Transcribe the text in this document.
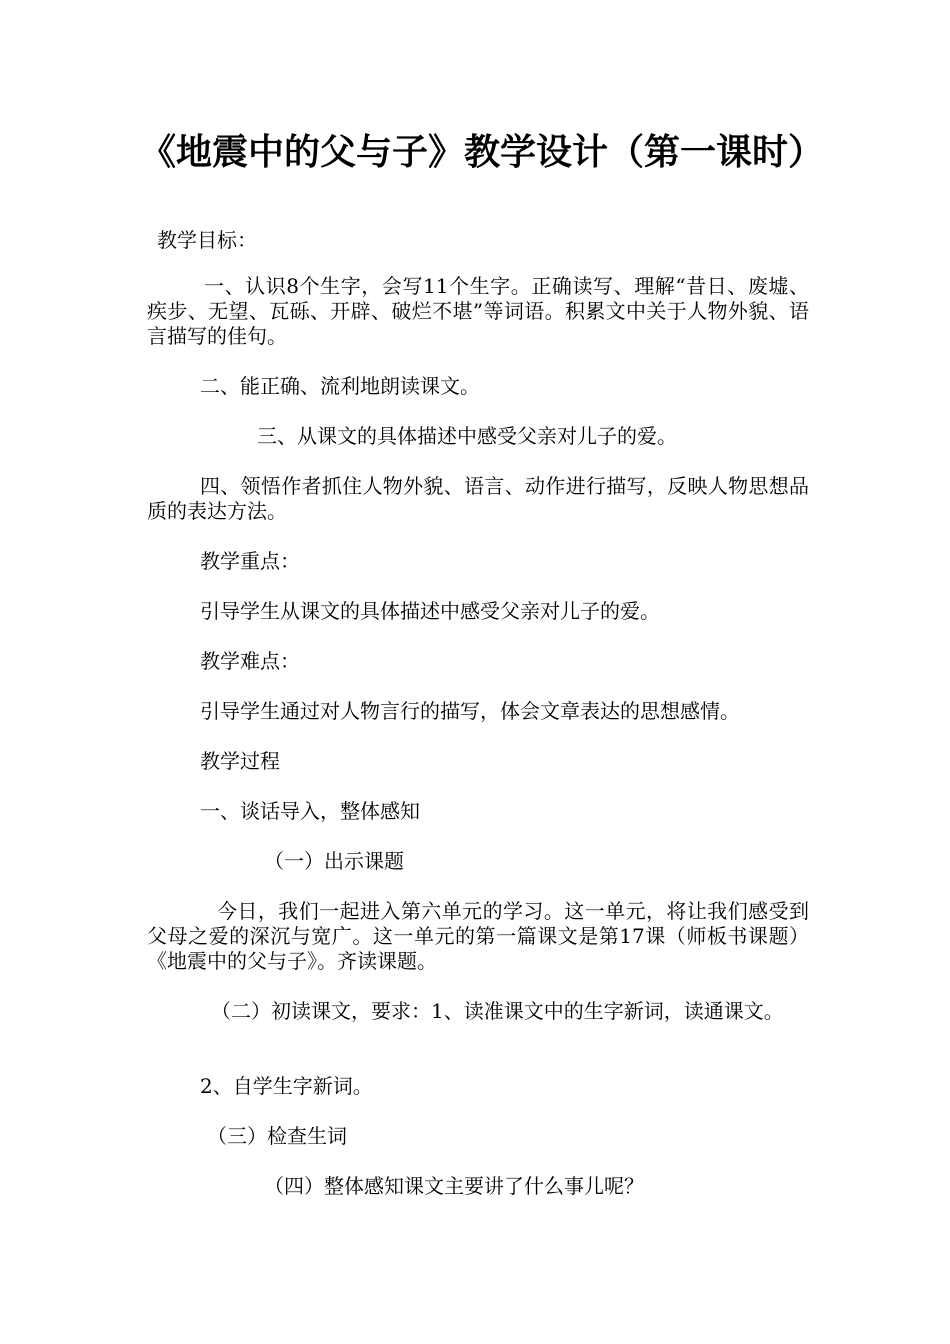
《地震中的父与子》教学设计（第一课时）

教学目标：

一、认识8个生字，会写11个生字。正确读写、理解“昔日、废墟、疾步、无望、瓦砾、开辟、破烂不堪”等词语。积累文中关于人物外貌、语言描写的佳句。

二、能正确、流利地朗读课文。

三、从课文的具体描述中感受父亲对儿子的爱。

四、领悟作者抓住人物外貌、语言、动作进行描写，反映人物思想品质的表达方法。

教学重点：

引导学生从课文的具体描述中感受父亲对儿子的爱。

教学难点：

引导学生通过对人物言行的描写，体会文章表达的思想感情。

教学过程

一、谈话导入，整体感知

（一）出示课题

今日，我们一起进入第六单元的学习。这一单元，将让我们感受到父母之爱的深沉与宽广。这一单元的第一篇课文是第17课（师板书课题）《地震中的父与子》。齐读课题。

（二）初读课文，要求：1、读准课文中的生字新词，读通课文。

2、自学生字新词。

（三）检查生词

（四）整体感知课文主要讲了什么事儿呢？
